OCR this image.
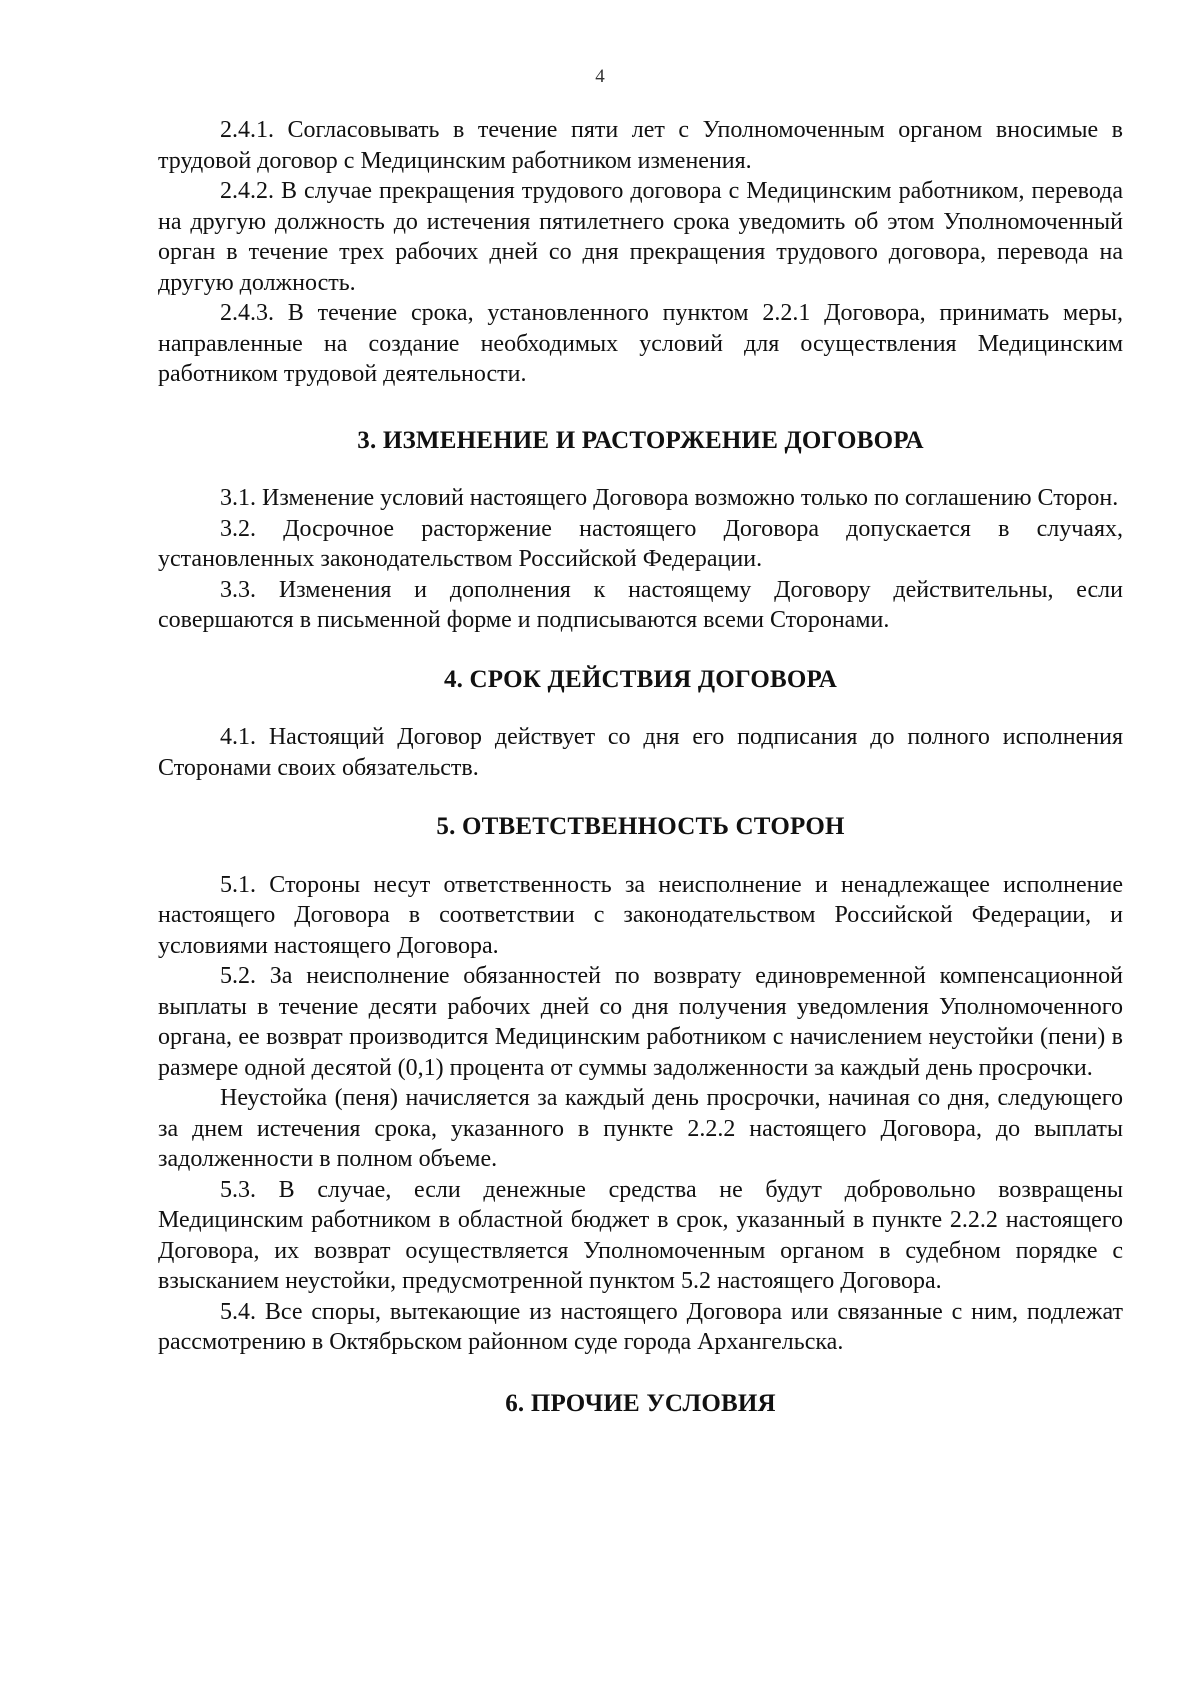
4

2.4.1. Согласовывать в течение пяти лет с Уполномоченным органом вносимые в трудовой договор с Медицинским работником изменения.

2.4.2. В случае прекращения трудового договора с Медицинским работником, перевода на другую должность до истечения пятилетнего срока уведомить об этом Уполномоченный орган в течение трех рабочих дней со дня прекращения трудового договора, перевода на другую должность.

2.4.3. В течение срока, установленного пунктом 2.2.1 Договора, принимать меры, направленные на создание необходимых условий для осуществления Медицинским работником трудовой деятельности.

3. ИЗМЕНЕНИЕ И РАСТОРЖЕНИЕ ДОГОВОРА

3.1. Изменение условий настоящего Договора возможно только по соглашению Сторон.

3.2. Досрочное расторжение настоящего Договора допускается в случаях, установленных законодательством Российской Федерации.

3.3. Изменения и дополнения к настоящему Договору действительны, если совершаются в письменной форме и подписываются всеми Сторонами.

4. СРОК ДЕЙСТВИЯ ДОГОВОРА

4.1. Настоящий Договор действует со дня его подписания до полного исполнения Сторонами своих обязательств.

5. ОТВЕТСТВЕННОСТЬ СТОРОН

5.1. Стороны несут ответственность за неисполнение и ненадлежащее исполнение настоящего Договора в соответствии с законодательством Российской Федерации, и условиями настоящего Договора.

5.2. За неисполнение обязанностей по возврату единовременной компенсационной выплаты в течение десяти рабочих дней со дня получения уведомления Уполномоченного органа, ее возврат производится Медицинским работником с начислением неустойки (пени) в размере одной десятой (0,1) процента от суммы задолженности за каждый день просрочки.

Неустойка (пеня) начисляется за каждый день просрочки, начиная со дня, следующего за днем истечения срока, указанного в пункте 2.2.2 настоящего Договора, до выплаты задолженности в полном объеме.

5.3. В случае, если денежные средства не будут добровольно возвращены Медицинским работником в областной бюджет в срок, указанный в пункте 2.2.2 настоящего Договора, их возврат осуществляется Уполномоченным органом в судебном порядке с взысканием неустойки, предусмотренной пунктом 5.2 настоящего Договора.

5.4. Все споры, вытекающие из настоящего Договора или связанные с ним, подлежат рассмотрению в Октябрьском районном суде города Архангельска.

6. ПРОЧИЕ УСЛОВИЯ
